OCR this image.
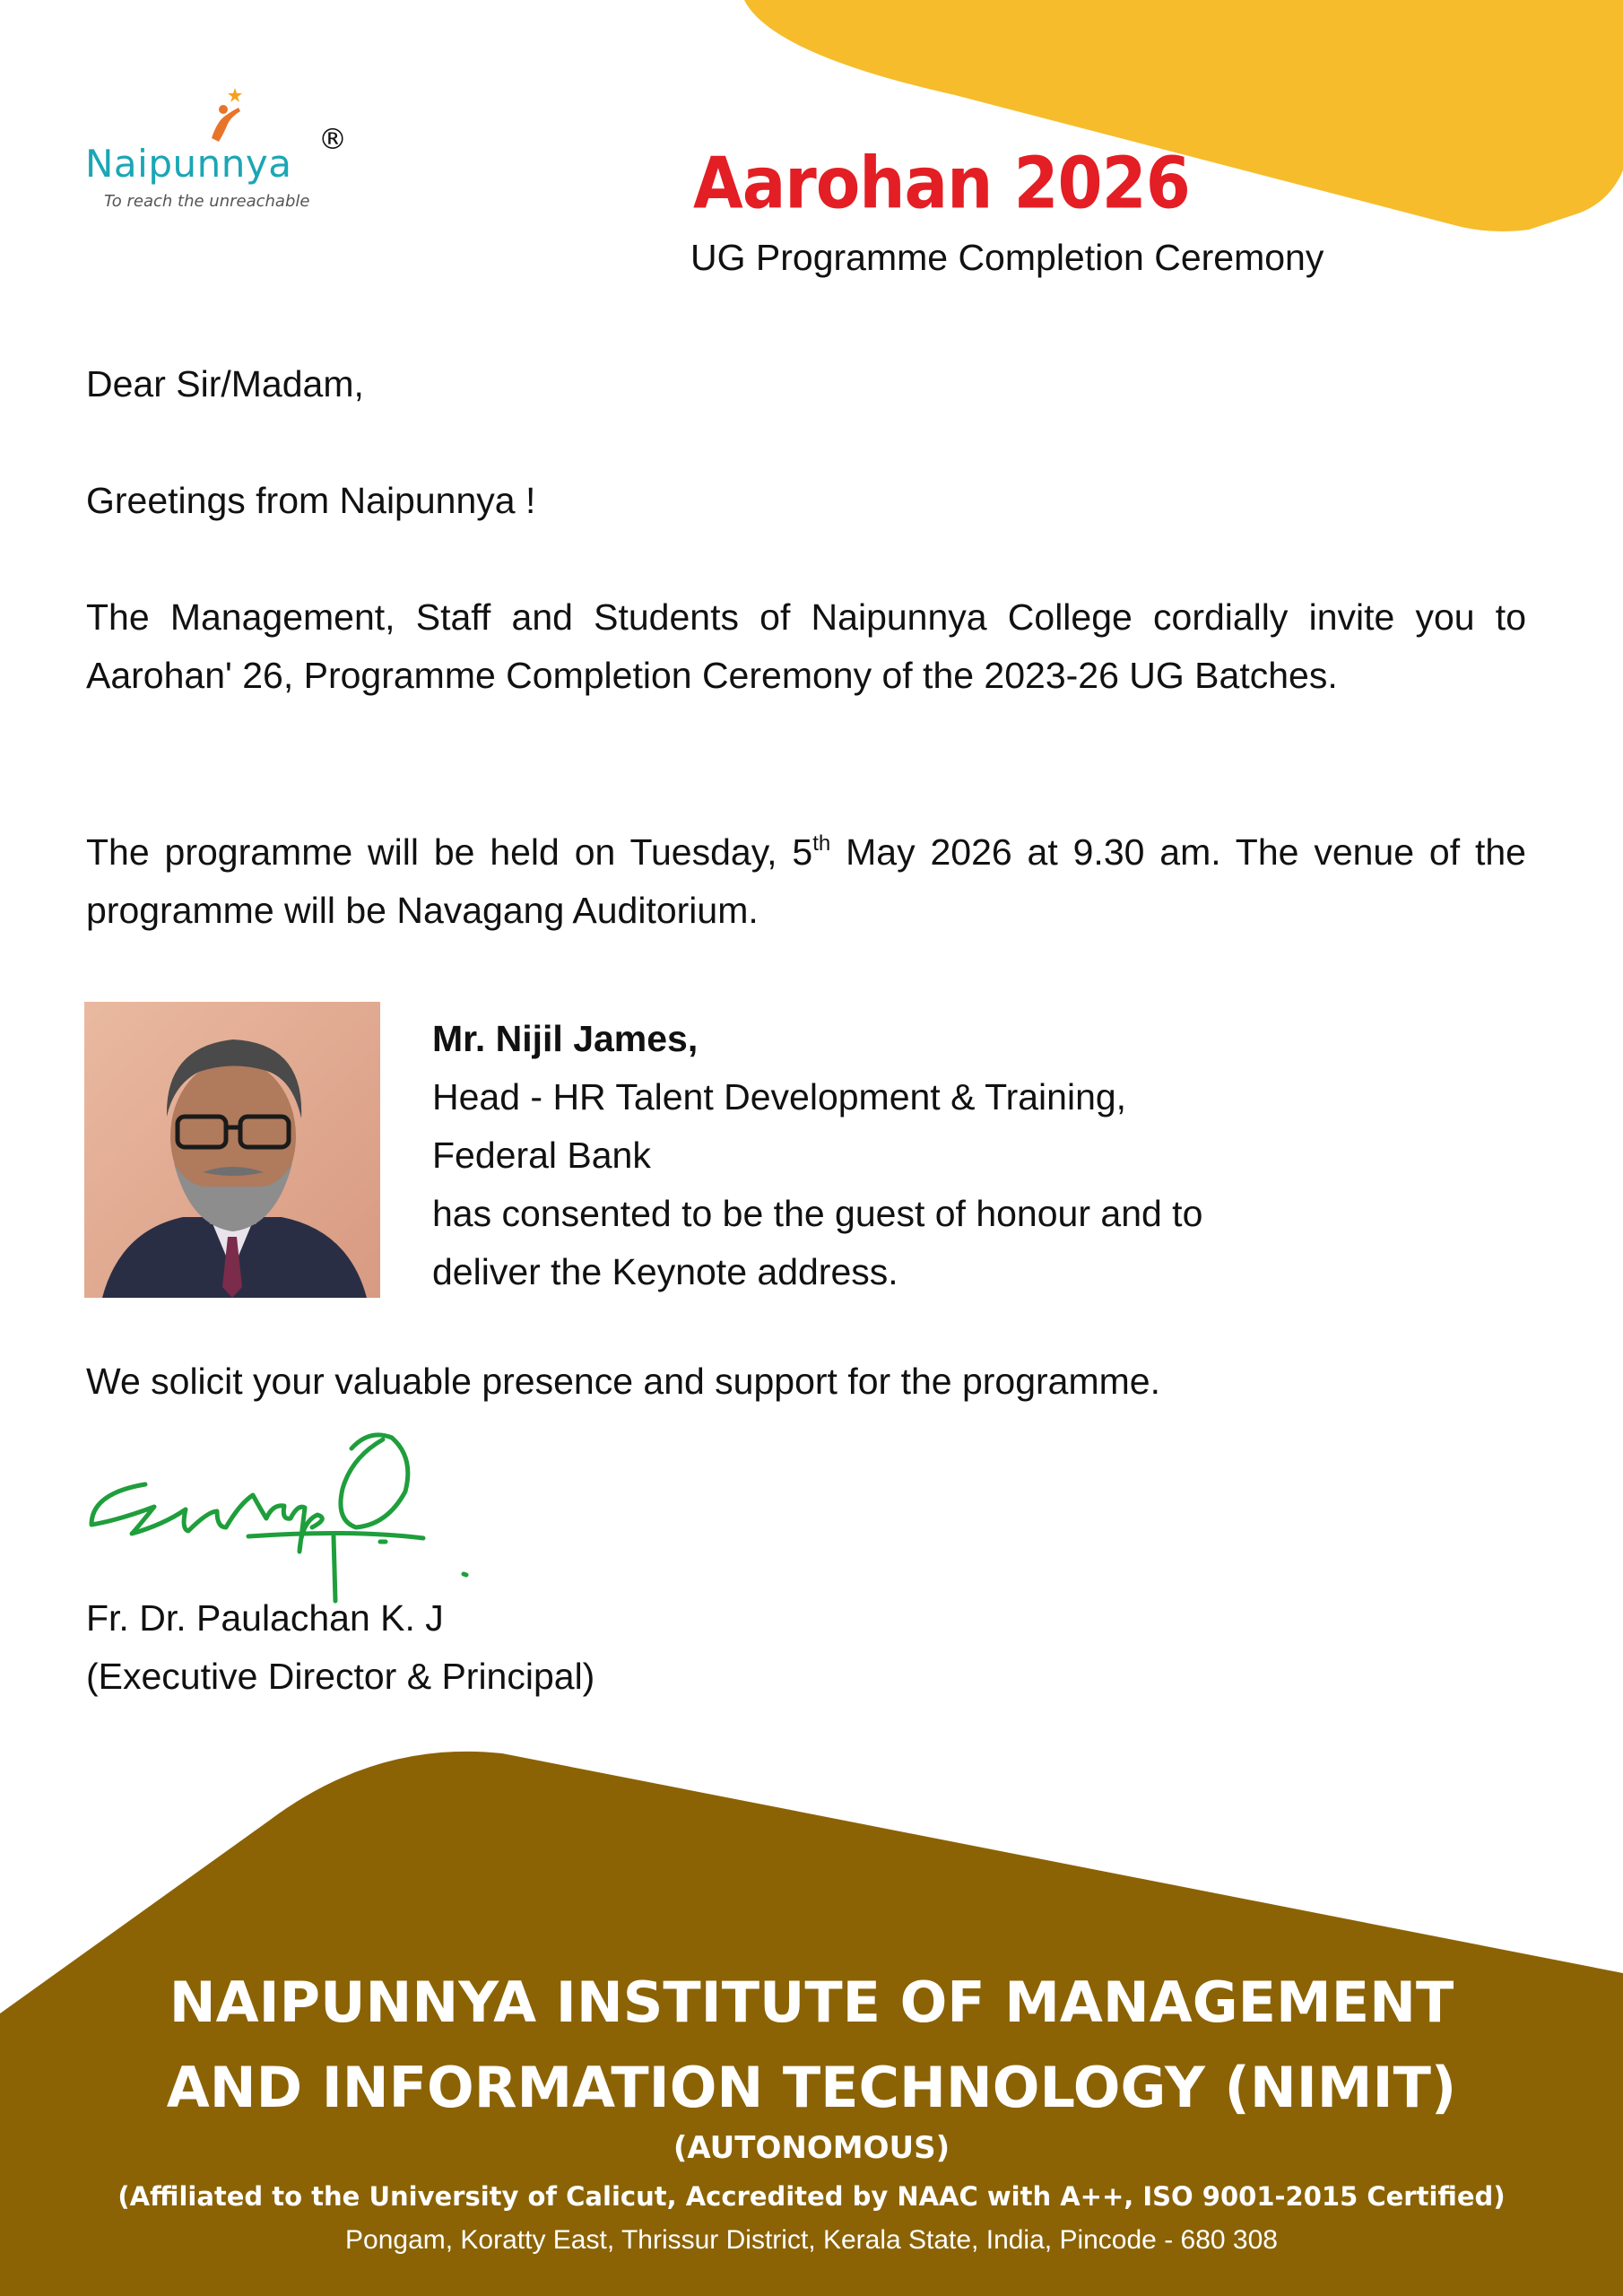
Naipunnya
®
To reach the unreachable	Aarohan 2026
UG Programme Completion Ceremony
Dear Sir/Madam,
Greetings from Naipunnya !
The Management, Staff and Students of Naipunnya College cordially invite you to Aarohan' 26, Programme Completion Ceremony of the 2023-26 UG Batches.
The programme will be held on Tuesday, 5th May 2026 at 9.30 am. The venue of the programme will be Navagang Auditorium.
Mr. Nijil James,
Head - HR Talent Development & Training,
Federal Bank
has consented to be the guest of honour and to
deliver the Keynote address.
We solicit your valuable presence and support for the programme.
Fr. Dr. Paulachan K. J
(Executive Director & Principal)
NAIPUNNYA INSTITUTE OF MANAGEMENT
AND INFORMATION TECHNOLOGY (NIMIT)
(AUTONOMOUS)
(Affiliated to the University of Calicut, Accredited by NAAC with A++, ISO 9001-2015 Certified)
Pongam, Koratty East, Thrissur District, Kerala State, India, Pincode - 680 308
